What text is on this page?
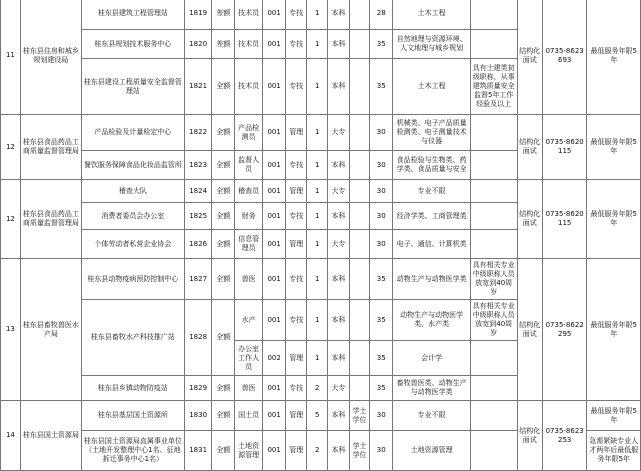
11	桂东县住房和城乡规划建设局	桂东县建筑工程管理站	1819	差额	技术员	001	专技	1	本科		28	土木工程		结构化面试	0735-8623693	最低服务年限5年
		桂东县规划技术服务中心	1820	差额	技术员	001	专技	1	本科		35	自然地理与资源环境、人文地理与城乡规划				
		桂东县建设工程质量安全监督管理站	1821	全额	技术员	001	专技	1	本科		35	土木工程	具有土建类初级职称，从事建筑质量安全监督5年工作经验及以上			
12	桂东县食品药品工商质量监督管理局	产品检验及计量检定中心	1822	全额	产品检测员	001	管理	1	大专		30	机械类、电子产品质量检测类、电子测量技术与仪器		结构化面试	0735-8620115	最低服务年限5年
		餐饮服务保障食品化妆品监管所	1823	全额	监督人员	001	专技	1	本科		30	食品检验与生物类、药学类、食品质量与安全				
12	桂东县食品药品工商质量监督管理局	稽查大队	1824	全额	稽查员	001	管理	1	大专		30	专业不限		结构化面试	0735-8620115	最低服务年限5年
		消费者委员会办公室	1825	全额	财务	001	专技	1	本科		30	经济学类、工商管理类				
		个体劳动者私营企业协会	1826	全额	信息管理员	001	管理	1	大专		30	电子、通信、计算机类				
13	桂东县畜牧兽医水产局	桂东县动物疫病预防控制中心	1827	全额	兽医	001	专技	1	本科		35	动物生产与动物医学类	具有相关专业中级职称人员放宽到40周岁	结构化面试	0735-8622295	最低服务年限5年
		桂东县畜牧水产科技推广站	1828	全额	水产	001	专技	1	本科		35	动物生产与动物医学类、水产类	具有相关专业中级职称人员放宽到40周岁			
					办公室工作人员	002	管理	1	本科		35	会计学				
		桂东县乡镇动物防疫站	1829	全额	兽医	001	专技	2	大专		35	畜牧兽医类、动物生产与动物医学类				
14	桂东县国土资源局	桂东县基层国土资源所	1830	全额	国土员	001	管理	5	本科	学士学位	30	专业不限		结构化面试	0735-8623253	最低服务年限5年
		桂东县国土资源局直属事业单位（土地开发整理中心1名、征地拆迁事务中心1名）	1831	全额	土地资源管理	001	管理	2	本科	学士学位	30	土地资源管理				急需紧缺专业人才两年后最低服务年限5年
